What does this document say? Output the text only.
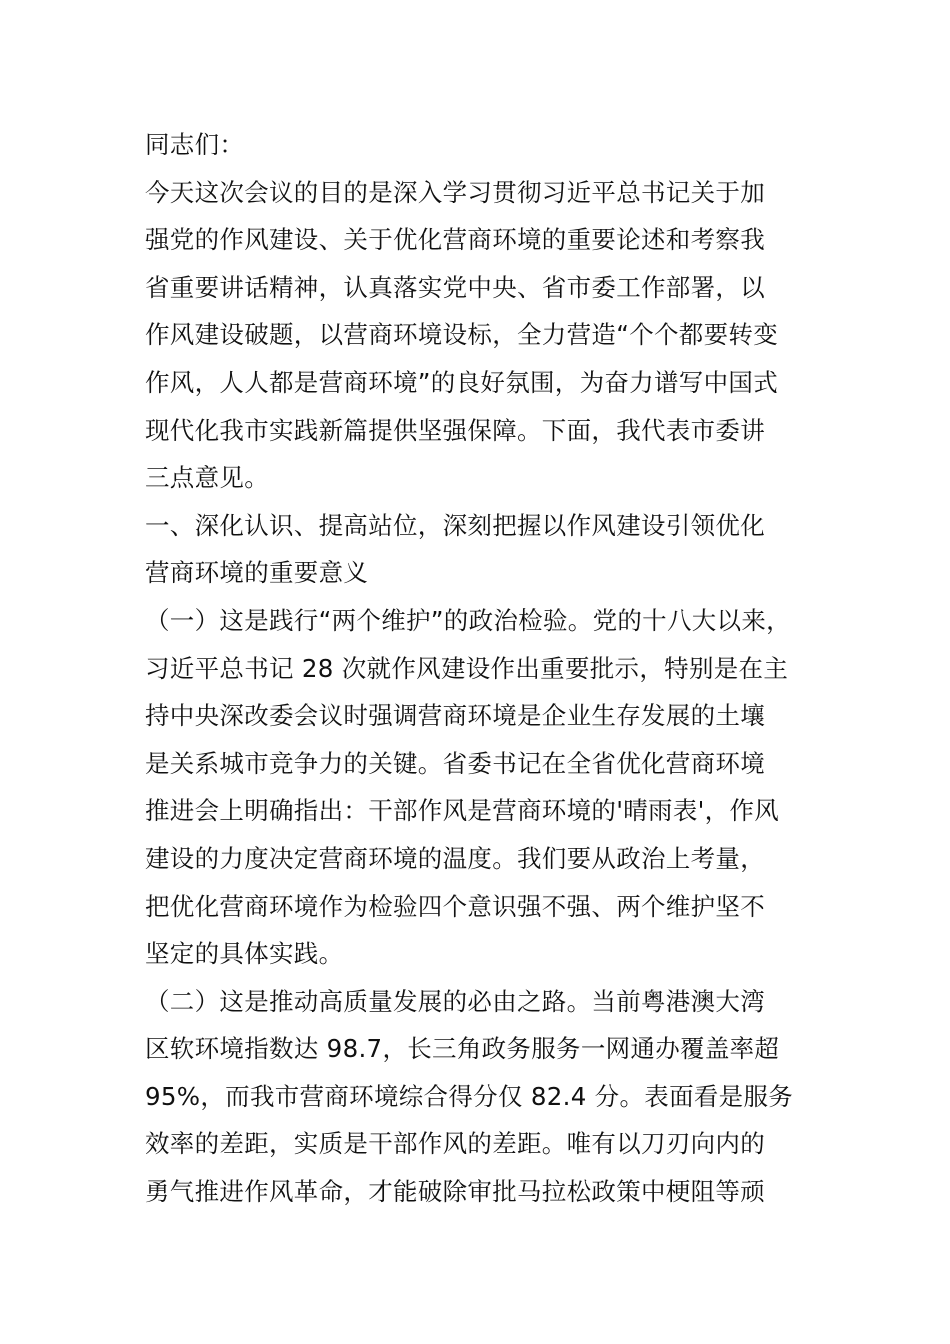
同志们：
今天这次会议的目的是深入学习贯彻习近平总书记关于加
强党的作风建设、关于优化营商环境的重要论述和考察我
省重要讲话精神，认真落实党中央、省市委工作部署，以
作风建设破题，以营商环境设标，全力营造“个个都要转变
作风，人人都是营商环境”的良好氛围，为奋力谱写中国式
现代化我市实践新篇提供坚强保障。下面，我代表市委讲
三点意见。
一、深化认识、提高站位，深刻把握以作风建设引领优化
营商环境的重要意义
（一）这是践行“两个维护”的政治检验。党的十八大以来，
习近平总书记 28 次就作风建设作出重要批示，特别是在主
持中央深改委会议时强调营商环境是企业生存发展的土壤
是关系城市竞争力的关键。省委书记在全省优化营商环境
推进会上明确指出：干部作风是营商环境的'晴雨表'，作风
建设的力度决定营商环境的温度。我们要从政治上考量，
把优化营商环境作为检验四个意识强不强、两个维护坚不
坚定的具体实践。
（二）这是推动高质量发展的必由之路。当前粤港澳大湾
区软环境指数达 98.7，长三角政务服务一网通办覆盖率超
95%，而我市营商环境综合得分仅 82.4 分。表面看是服务
效率的差距，实质是干部作风的差距。唯有以刀刃向内的
勇气推进作风革命，才能破除审批马拉松政策中梗阻等顽
